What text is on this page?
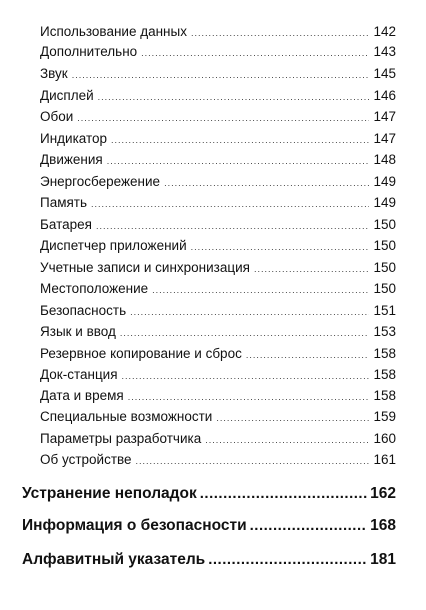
Использование данных .....	142
Дополнительно .....	143
Звук .....	145
Дисплей .....	146
Обои .....	147
Индикатор .....	147
Движения .....	148
Энергосбережение .....	149
Память .....	149
Батарея .....	150
Диспетчер приложений .....	150
Учетные записи и синхронизация .....	150
Местоположение .....	150
Безопасность .....	151
Язык и ввод .....	153
Резервное копирование и сброс .....	158
Док-станция .....	158
Дата и время .....	158
Специальные возможности .....	159
Параметры разработчика .....	160
Об устройстве .....	161
Устранение неполадок .....	162
Информация о безопасности .....	168
Алфавитный указатель .....	181
